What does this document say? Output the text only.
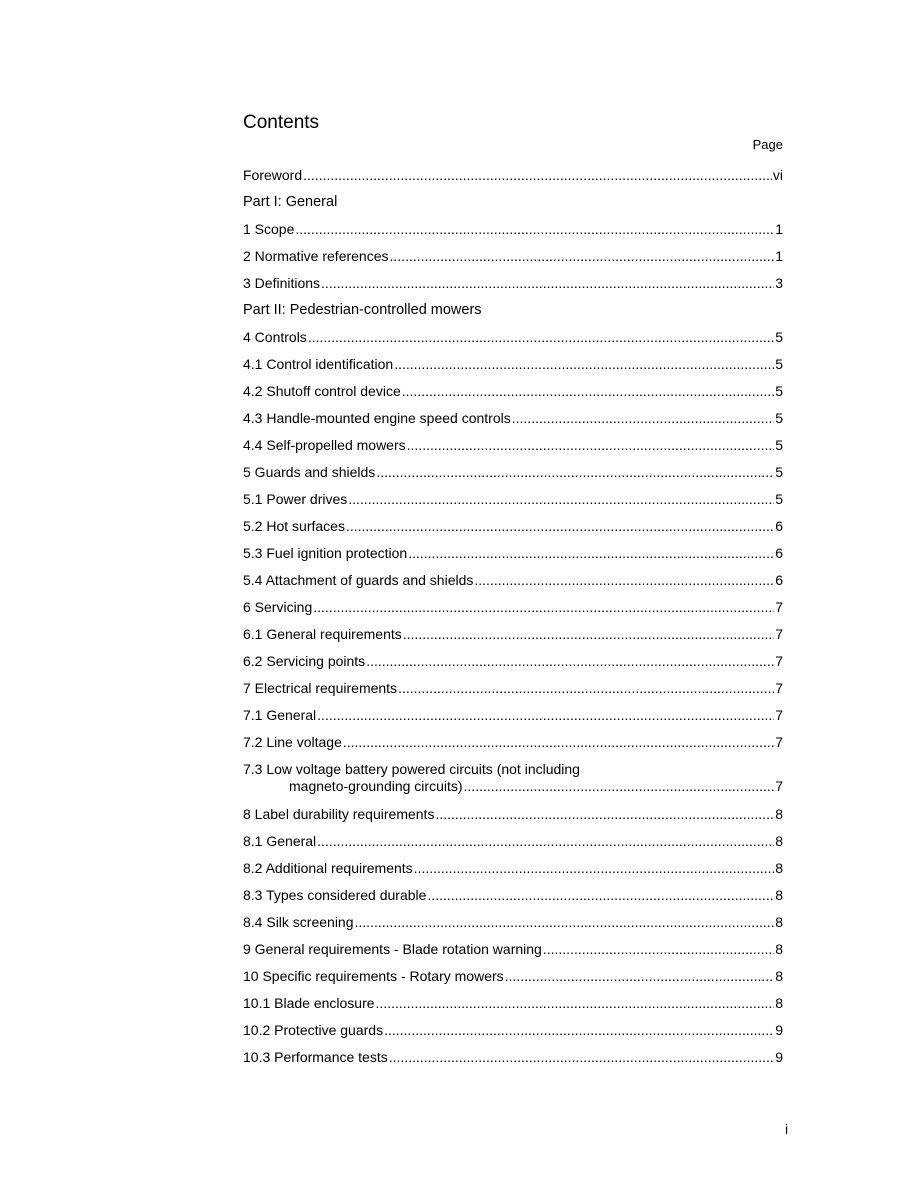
Contents
Page
Foreword .....	vi
Part I: General
1 Scope .....	1
2 Normative references .....	1
3 Definitions .....	3
Part II: Pedestrian-controlled mowers
4 Controls .....	5
4.1 Control identification .....	5
4.2 Shutoff control device .....	5
4.3 Handle-mounted engine speed controls .....	5
4.4 Self-propelled mowers .....	5
5 Guards and shields .....	5
5.1 Power drives .....	5
5.2 Hot surfaces .....	6
5.3 Fuel ignition protection .....	6
5.4 Attachment of guards and shields .....	6
6 Servicing .....	7
6.1 General requirements .....	7
6.2 Servicing points .....	7
7 Electrical requirements .....	7
7.1 General .....	7
7.2 Line voltage .....	7
7.3 Low voltage battery powered circuits (not including
magneto-grounding circuits) .....	7
8 Label durability requirements .....	8
8.1 General .....	8
8.2 Additional requirements .....	8
8.3 Types considered durable .....	8
8.4 Silk screening .....	8
9 General requirements - Blade rotation warning .....	8
10 Specific requirements - Rotary mowers .....	8
10.1 Blade enclosure .....	8
10.2 Protective guards .....	9
10.3 Performance tests .....	9
i
